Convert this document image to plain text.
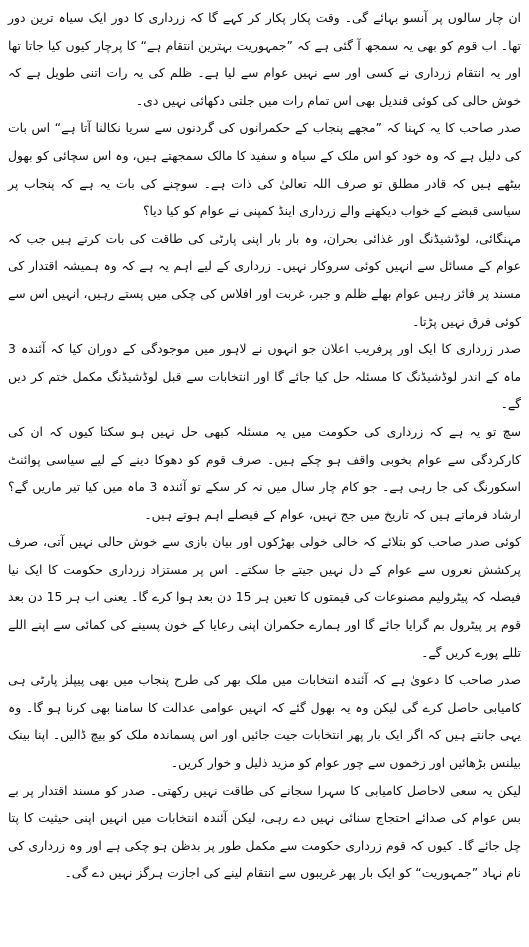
ان چار سالوں پر آنسو بہائے گی۔ وقت پکار پکار کر کہے گا کہ زرداری کا دور ایک سیاہ ترین دور تھا۔ اب قوم کو بھی یہ سمجھ آ گئی ہے کہ ”جمہوریت بہترین انتقام ہے“ کا پرچار کیوں کیا جاتا تھا اور یہ انتقام زرداری نے کسی اور سے نہیں عوام سے لیا ہے۔ ظلم کی یہ رات اتنی طویل ہے کہ خوش حالی کی کوئی قندیل بھی اس تمام رات میں جلتی دکھائی نہیں دی۔

صدر صاحب کا یہ کہنا کہ ”مجھے پنجاب کے حکمرانوں کی گردنوں سے سریا نکالنا آتا ہے“ اس بات کی دلیل ہے کہ وہ خود کو اس ملک کے سیاہ و سفید کا مالک سمجھتے ہیں، وہ اس سچائی کو بھول بیٹھے ہیں کہ قادر مطلق تو صرف اللہ تعالیٰ کی ذات ہے۔ سوچنے کی بات یہ ہے کہ پنجاب پر سیاسی قبضے کے خواب دیکھنے والے زرداری اینڈ کمپنی نے عوام کو کیا دیا؟

مہنگائی، لوڈشیڈنگ اور غذائی بحران، وہ بار بار اپنی پارٹی کی طاقت کی بات کرتے ہیں جب کہ عوام کے مسائل سے انہیں کوئی سروکار نہیں۔ زرداری کے لیے اہم یہ ہے کہ وہ ہمیشہ اقتدار کی مسند پر فائز رہیں عوام بھلے ظلم و جبر، غربت اور افلاس کی چکی میں پستے رہیں، انہیں اس سے کوئی فرق نہیں پڑتا۔

صدر زرداری کا ایک اور پرفریب اعلان جو انہوں نے لاہور میں موجودگی کے دوران کیا کہ آئندہ 3 ماہ کے اندر لوڈشیڈنگ کا مسئلہ حل کیا جائے گا اور انتخابات سے قبل لوڈشیڈنگ مکمل ختم کر دیں گے۔

سچ تو یہ ہے کہ زرداری کی حکومت میں یہ مسئلہ کبھی حل نہیں ہو سکتا کیوں کہ ان کی کارکردگی سے عوام بخوبی واقف ہو چکے ہیں۔ صرف قوم کو دھوکا دینے کے لیے سیاسی پوائنٹ اسکورنگ کی جا رہی ہے۔ جو کام چار سال میں نہ کر سکے تو آئندہ 3 ماہ میں کیا تیر ماریں گے؟ ارشاد فرماتے ہیں کہ تاریخ میں جج نہیں، عوام کے فیصلے اہم ہوتے ہیں۔

کوئی صدر صاحب کو بتلائے کہ خالی خولی بھڑکوں اور بیان بازی سے خوش حالی نہیں آتی، صرف پرکشش نعروں سے عوام کے دل نہیں جیتے جا سکتے۔ اس پر مستزاد زرداری حکومت کا ایک نیا فیصلہ کہ پیٹرولیم مصنوعات کی قیمتوں کا تعین ہر 15 دن بعد ہوا کرے گا۔ یعنی اب ہر 15 دن بعد قوم پر پیٹرول بم گرایا جائے گا اور ہمارے حکمران اپنی رعایا کے خون پسینے کی کمائی سے اپنے اللے تللے پورے کریں گے۔

صدر صاحب کا دعویٰ ہے کہ آئندہ انتخابات میں ملک بھر کی طرح پنجاب میں بھی پیپلز پارٹی ہی کامیابی حاصل کرے گی لیکن وہ یہ بھول گئے کہ انہیں عوامی عدالت کا سامنا بھی کرنا ہو گا۔ وہ یہی جانتے ہیں کہ اگر ایک بار پھر انتخابات جیت جائیں اور اس پسماندہ ملک کو بیچ ڈالیں۔ اپنا بینک بیلنس بڑھائیں اور زخموں سے چور عوام کو مزید ذلیل و خوار کریں۔

لیکن یہ سعی لاحاصل کامیابی کا سہرا سجانے کی طاقت نہیں رکھتی۔ صدر کو مسند اقتدار پر بے بس عوام کی صدائے احتجاج سنائی نہیں دے رہی، لیکن آئندہ انتخابات میں انہیں اپنی حیثیت کا پتا چل جائے گا۔ کیوں کہ قوم زرداری حکومت سے مکمل طور پر بدظن ہو چکی ہے اور وہ زرداری کی نام نہاد ”جمہوریت“ کو ایک بار پھر غریبوں سے انتقام لینے کی اجازت ہرگز نہیں دے گی۔
